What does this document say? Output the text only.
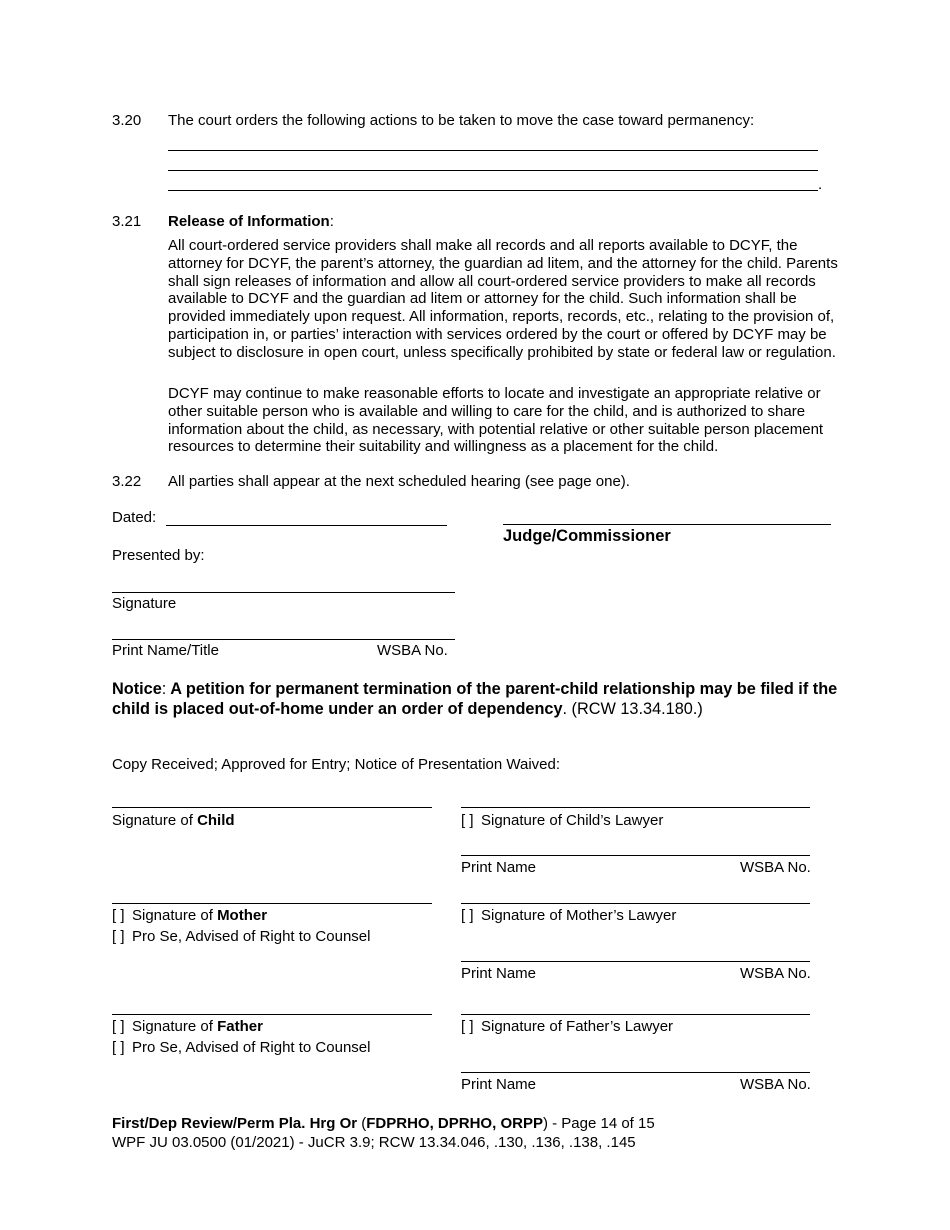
3.20 The court orders the following actions to be taken to move the case toward permanency:
.
3.21 Release of Information:

All court-ordered service providers shall make all records and all reports available to DCYF, the attorney for DCYF, the parent’s attorney, the guardian ad litem, and the attorney for the child. Parents shall sign releases of information and allow all court-ordered service providers to make all records available to DCYF and the guardian ad litem or attorney for the child. Such information shall be provided immediately upon request. All information, reports, records, etc., relating to the provision of, participation in, or parties’ interaction with services ordered by the court or offered by DCYF may be subject to disclosure in open court, unless specifically prohibited by state or federal law or regulation.

DCYF may continue to make reasonable efforts to locate and investigate an appropriate relative or other suitable person who is available and willing to care for the child, and is authorized to share information about the child, as necessary, with potential relative or other suitable person placement resources to determine their suitability and willingness as a placement for the child.

3.22 All parties shall appear at the next scheduled hearing (see page one).
Dated:
Judge/Commissioner
Presented by:
Signature
Print Name/Title	WSBA No.
Notice: A petition for permanent termination of the parent-child relationship may be filed if the child is placed out-of-home under an order of dependency. (RCW 13.34.180.)
Copy Received; Approved for Entry; Notice of Presentation Waived:
Signature of Child	[ ] Signature of Child’s Lawyer
Print Name	WSBA No.
[ ] Signature of Mother
[ ] Pro Se, Advised of Right to Counsel
[ ] Signature of Mother’s Lawyer
Print Name	WSBA No.
[ ] Signature of Father
[ ] Pro Se, Advised of Right to Counsel
[ ] Signature of Father’s Lawyer
Print Name	WSBA No.
First/Dep Review/Perm Pla. Hrg Or (FDPRHO, DPRHO, ORPP) - Page 14 of 15
WPF JU 03.0500 (01/2021) - JuCR 3.9; RCW 13.34.046, .130, .136, .138, .145
